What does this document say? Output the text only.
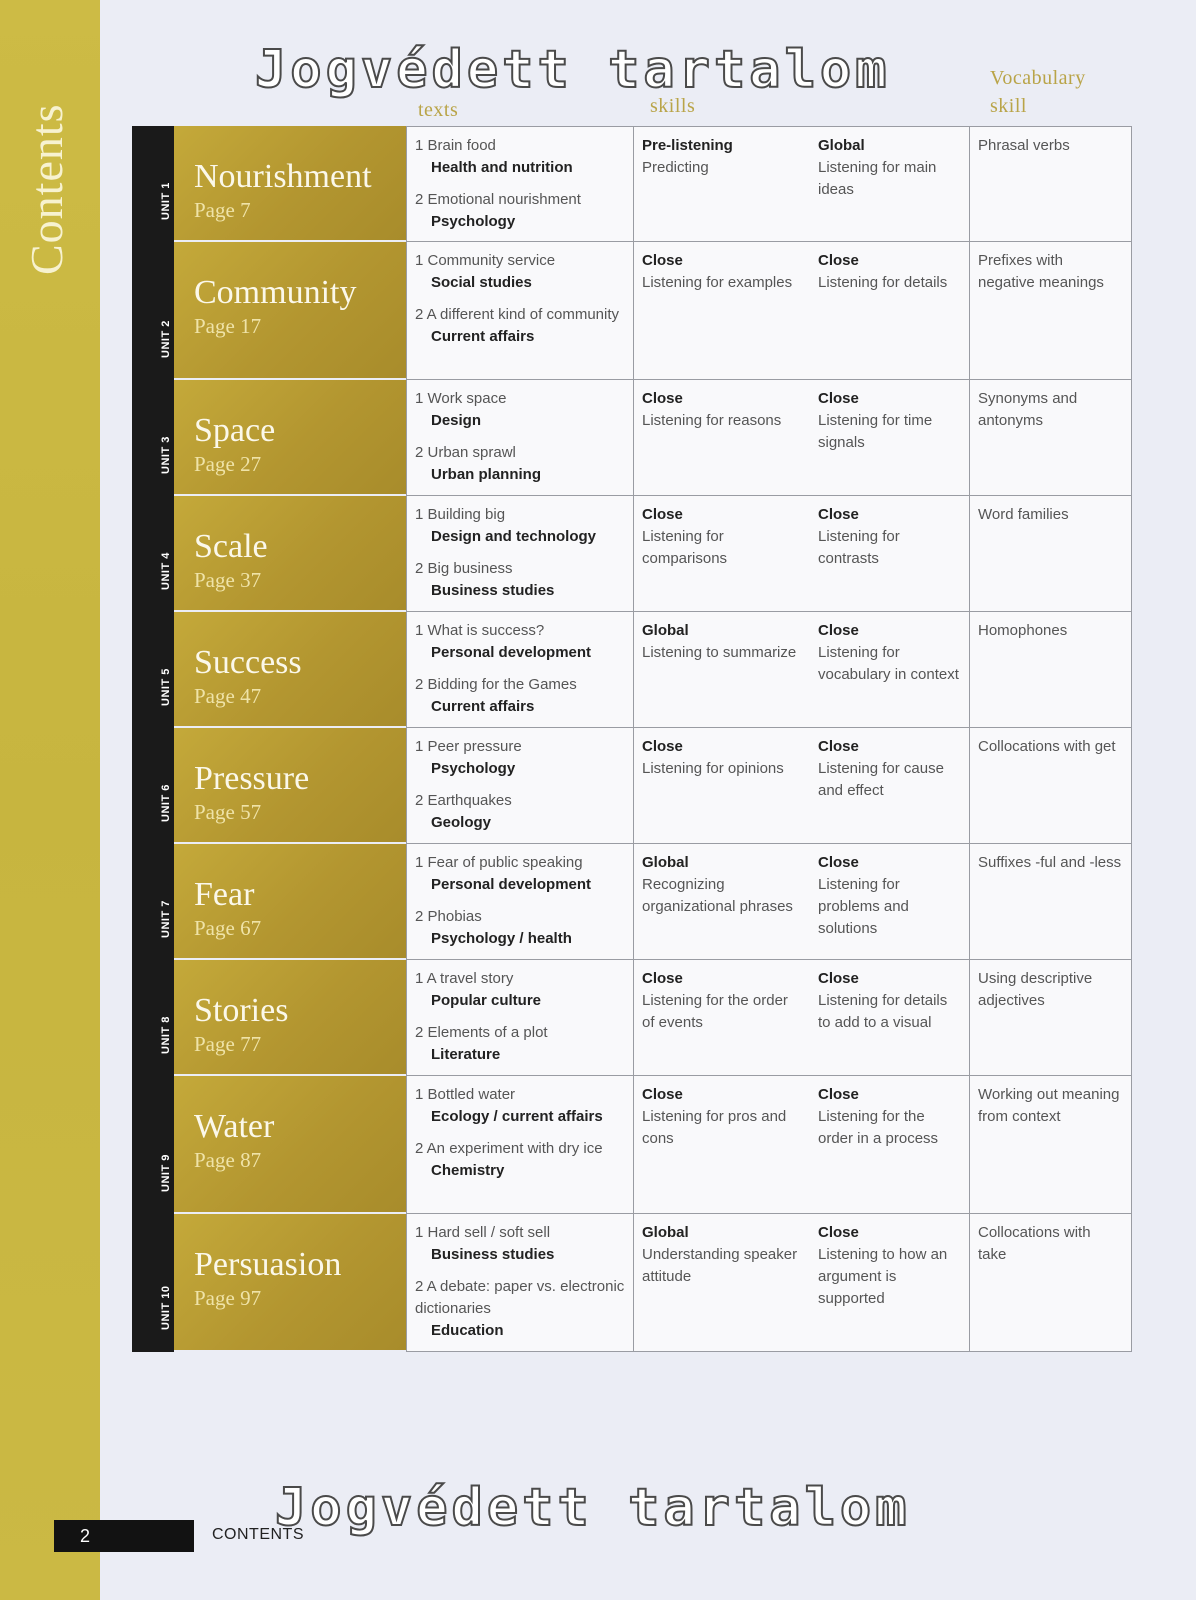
Contents
Jogvédett tartalom
texts	skills
Vocabulary
skill
UNIT 1
Nourishment
Page 7
1 Brain food
Health and nutrition
2 Emotional nourishment
Psychology
Pre-listening
Predicting
Global
Listening for main ideas
Phrasal verbs
UNIT 2
Community
Page 17
1 Community service
Social studies
2 A different kind of community
Current affairs
Close
Listening for examples
Close
Listening for details
Prefixes with negative meanings
UNIT 3
Space
Page 27
1 Work space
Design
2 Urban sprawl
Urban planning
Close
Listening for reasons
Close
Listening for time signals
Synonyms and antonyms
UNIT 4
Scale
Page 37
1 Building big
Design and technology
2 Big business
Business studies
Close
Listening for comparisons
Close
Listening for contrasts
Word families
UNIT 5
Success
Page 47
1 What is success?
Personal development
2 Bidding for the Games
Current affairs
Global
Listening to summarize
Close
Listening for vocabulary in context
Homophones
UNIT 6
Pressure
Page 57
1 Peer pressure
Psychology
2 Earthquakes
Geology
Close
Listening for opinions
Close
Listening for cause and effect
Collocations with get
UNIT 7
Fear
Page 67
1 Fear of public speaking
Personal development
2 Phobias
Psychology / health
Global
Recognizing organizational phrases
Close
Listening for problems and solutions
Suffixes -ful and -less
UNIT 8
Stories
Page 77
1 A travel story
Popular culture
2 Elements of a plot
Literature
Close
Listening for the order of events
Close
Listening for details to add to a visual
Using descriptive adjectives
UNIT 9
Water
Page 87
1 Bottled water
Ecology / current affairs
2 An experiment with dry ice
Chemistry
Close
Listening for pros and cons
Close
Listening for the order in a process
Working out meaning from context
UNIT 10
Persuasion
Page 97
1 Hard sell / soft sell
Business studies
2 A debate: paper vs. electronic dictionaries
Education
Global
Understanding speaker attitude
Close
Listening to how an argument is supported
Collocations with take
2	CONTENTS
Jogvédett tartalom
